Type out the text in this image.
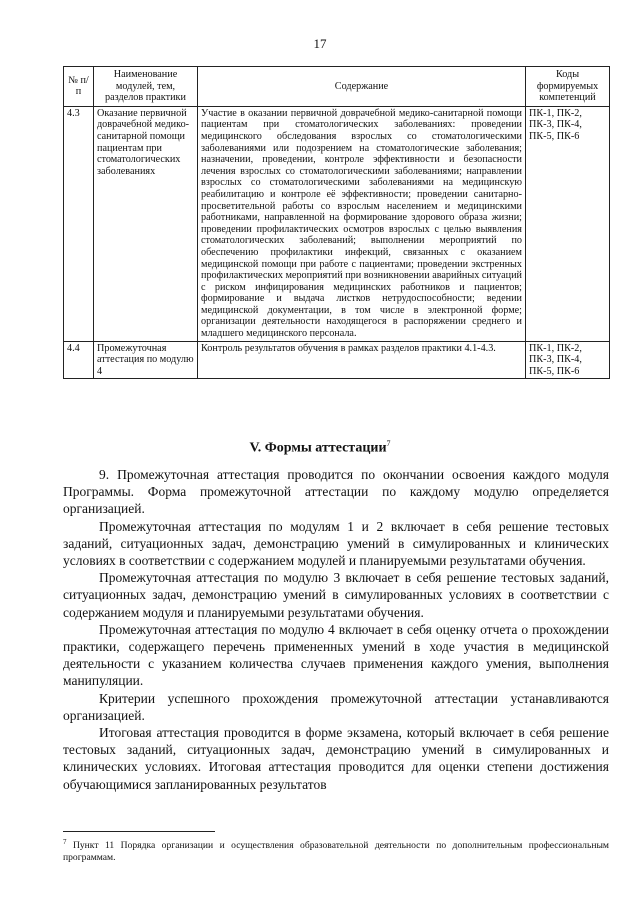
17
№ п/п	Наименование модулей, тем, разделов практики	Содержание	Коды формируемых компетенций
4.3	Оказание первичной доврачебной медико-санитарной помощи пациентам при стоматологических заболеваниях	Участие в оказании первичной доврачебной медико-санитарной помощи пациентам при стоматологических заболеваниях: проведении медицинского обследования взрослых со стоматологическими заболеваниями или подозрением на стоматологические заболевания; назначении, проведении, контроле эффективности и безопасности лечения взрослых со стоматологическими заболеваниями; направлении взрослых со стоматологическими заболеваниями на медицинскую реабилитацию и контроле её эффективности; проведении санитарно-просветительной работы со взрослым населением и медицинскими работниками, направленной на формирование здорового образа жизни; проведении профилактических осмотров взрослых с целью выявления стоматологических заболеваний; выполнении мероприятий по обеспечению профилактики инфекций, связанных с оказанием медицинской помощи при работе с пациентами; проведении экстренных профилактических мероприятий при возникновении аварийных ситуаций с риском инфицирования медицинских работников и пациентов; формирование и выдача листков нетрудоспособности; ведении медицинской документации, в том числе в электронной форме; организации деятельности находящегося в распоряжении среднего и младшего медицинского персонала.	ПК-1, ПК-2, ПК-3, ПК-4, ПК-5, ПК-6
4.4	Промежуточная аттестация по модулю 4	Контроль результатов обучения в рамках разделов практики 4.1-4.3.	ПК-1, ПК-2, ПК-3, ПК-4, ПК-5, ПК-6
V. Формы аттестации$^7$

9. Промежуточная аттестация проводится по окончании освоения каждого модуля Программы. Форма промежуточной аттестации по каждому модулю определяется организацией.

Промежуточная аттестация по модулям 1 и 2 включает в себя решение тестовых заданий, ситуационных задач, демонстрацию умений в симулированных и клинических условиях в соответствии с содержанием модулей и планируемыми результатами обучения.

Промежуточная аттестация по модулю 3 включает в себя решение тестовых заданий, ситуационных задач, демонстрацию умений в симулированных условиях в соответствии с содержанием модуля и планируемыми результатами обучения.

Промежуточная аттестация по модулю 4 включает в себя оценку отчета о прохождении практики, содержащего перечень примененных умений в ходе участия в медицинской деятельности с указанием количества случаев применения каждого умения, выполнения манипуляции.

Критерии успешного прохождения промежуточной аттестации устанавливаются организацией.

Итоговая аттестация проводится в форме экзамена, который включает в себя решение тестовых заданий, ситуационных задач, демонстрацию умений в симулированных и клинических условиях. Итоговая аттестация проводится для оценки степени достижения обучающимися запланированных результатов

$^7$ Пункт 11 Порядка организации и осуществления образовательной деятельности по дополнительным профессиональным программам.
